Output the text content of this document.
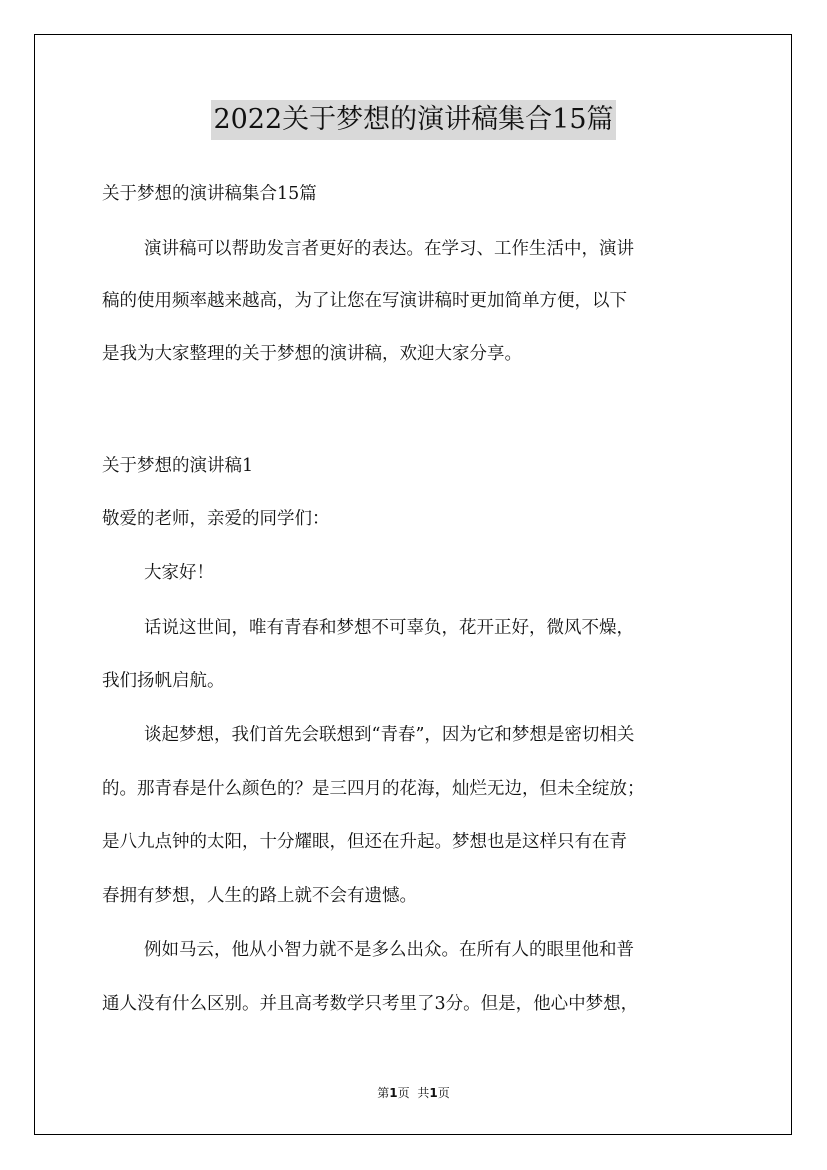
2022关于梦想的演讲稿集合15篇
关于梦想的演讲稿集合15篇
演讲稿可以帮助发言者更好的表达。在学习、工作生活中，演讲
稿的使用频率越来越高，为了让您在写演讲稿时更加简单方便，以下
是我为大家整理的关于梦想的演讲稿，欢迎大家分享。
关于梦想的演讲稿1
敬爱的老师，亲爱的同学们：
大家好！
话说这世间，唯有青春和梦想不可辜负，花开正好，微风不燥，
我们扬帆启航。
谈起梦想，我们首先会联想到“青春”，因为它和梦想是密切相关
的。那青春是什么颜色的？是三四月的花海，灿烂无边，但未全绽放；
是八九点钟的太阳，十分耀眼，但还在升起。梦想也是这样只有在青
春拥有梦想，人生的路上就不会有遗憾。
例如马云，他从小智力就不是多么出众。在所有人的眼里他和普
通人没有什么区别。并且高考数学只考里了3分。但是，他心中梦想，
第1页 共1页
